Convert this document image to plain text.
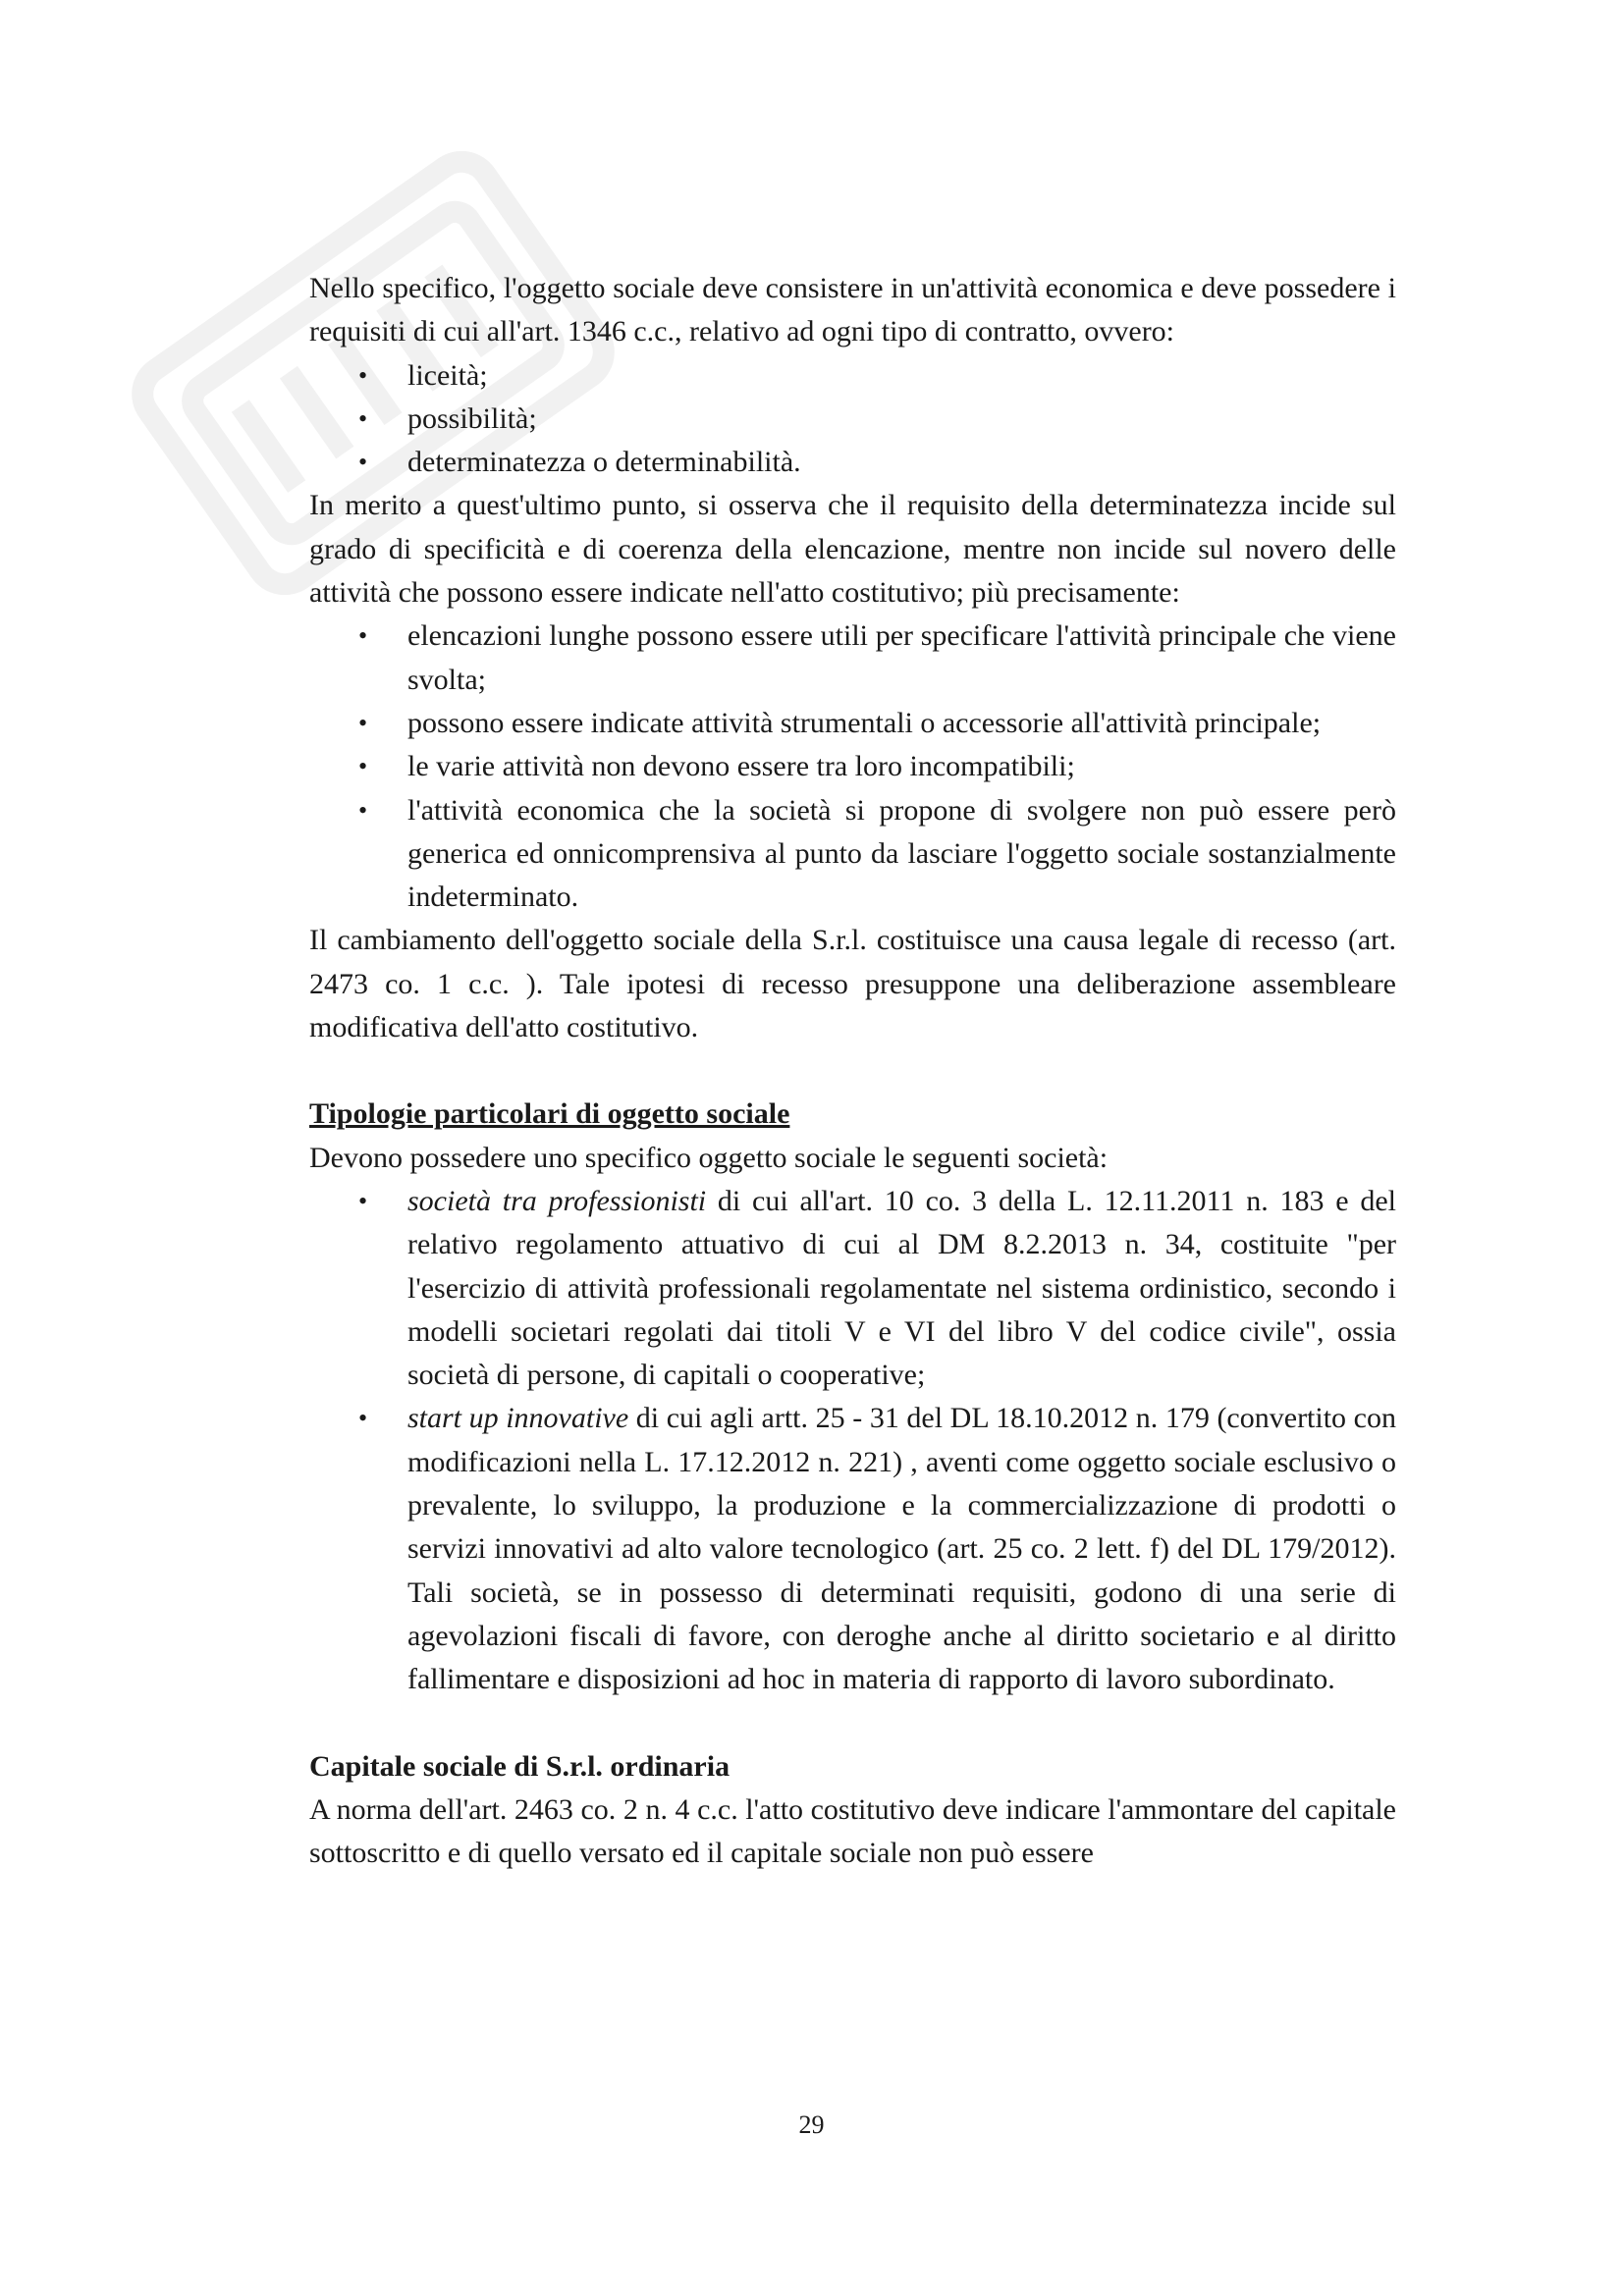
Nello specifico, l'oggetto sociale deve consistere in un'attività economica e deve possedere i requisiti di cui all'art. 1346 c.c., relativo ad ogni tipo di contratto, ovvero:

• liceità;
• possibilità;
• determinatezza o determinabilità.

In merito a quest'ultimo punto, si osserva che il requisito della determinatezza incide sul grado di specificità e di coerenza della elencazione, mentre non incide sul novero delle attività che possono essere indicate nell'atto costitutivo; più precisamente:

• elencazioni lunghe possono essere utili per specificare l'attività principale che viene svolta;
• possono essere indicate attività strumentali o accessorie all'attività principale;
• le varie attività non devono essere tra loro incompatibili;
• l'attività economica che la società si propone di svolgere non può essere però generica ed onnicomprensiva al punto da lasciare l'oggetto sociale sostanzialmente indeterminato.

Il cambiamento dell'oggetto sociale della S.r.l. costituisce una causa legale di recesso (art. 2473 co. 1 c.c. ). Tale ipotesi di recesso presuppone una deliberazione assembleare modificativa dell'atto costitutivo.

Tipologie particolari di oggetto sociale

Devono possedere uno specifico oggetto sociale le seguenti società:

• società tra professionisti di cui all'art. 10 co. 3 della L. 12.11.2011 n. 183 e del relativo regolamento attuativo di cui al DM 8.2.2013 n. 34, costituite "per l'esercizio di attività professionali regolamentate nel sistema ordinistico, secondo i modelli societari regolati dai titoli V e VI del libro V del codice civile", ossia società di persone, di capitali o cooperative;
• start up innovative di cui agli artt. 25 - 31 del DL 18.10.2012 n. 179 (convertito con modificazioni nella L. 17.12.2012 n. 221) , aventi come oggetto sociale esclusivo o prevalente, lo sviluppo, la produzione e la commercializzazione di prodotti o servizi innovativi ad alto valore tecnologico (art. 25 co. 2 lett. f) del DL 179/2012). Tali società, se in possesso di determinati requisiti, godono di una serie di agevolazioni fiscali di favore, con deroghe anche al diritto societario e al diritto fallimentare e disposizioni ad hoc in materia di rapporto di lavoro subordinato.

Capitale sociale di S.r.l. ordinaria

A norma dell'art. 2463 co. 2 n. 4 c.c. l'atto costitutivo deve indicare l'ammontare del capitale sottoscritto e di quello versato ed il capitale sociale non può essere

29
